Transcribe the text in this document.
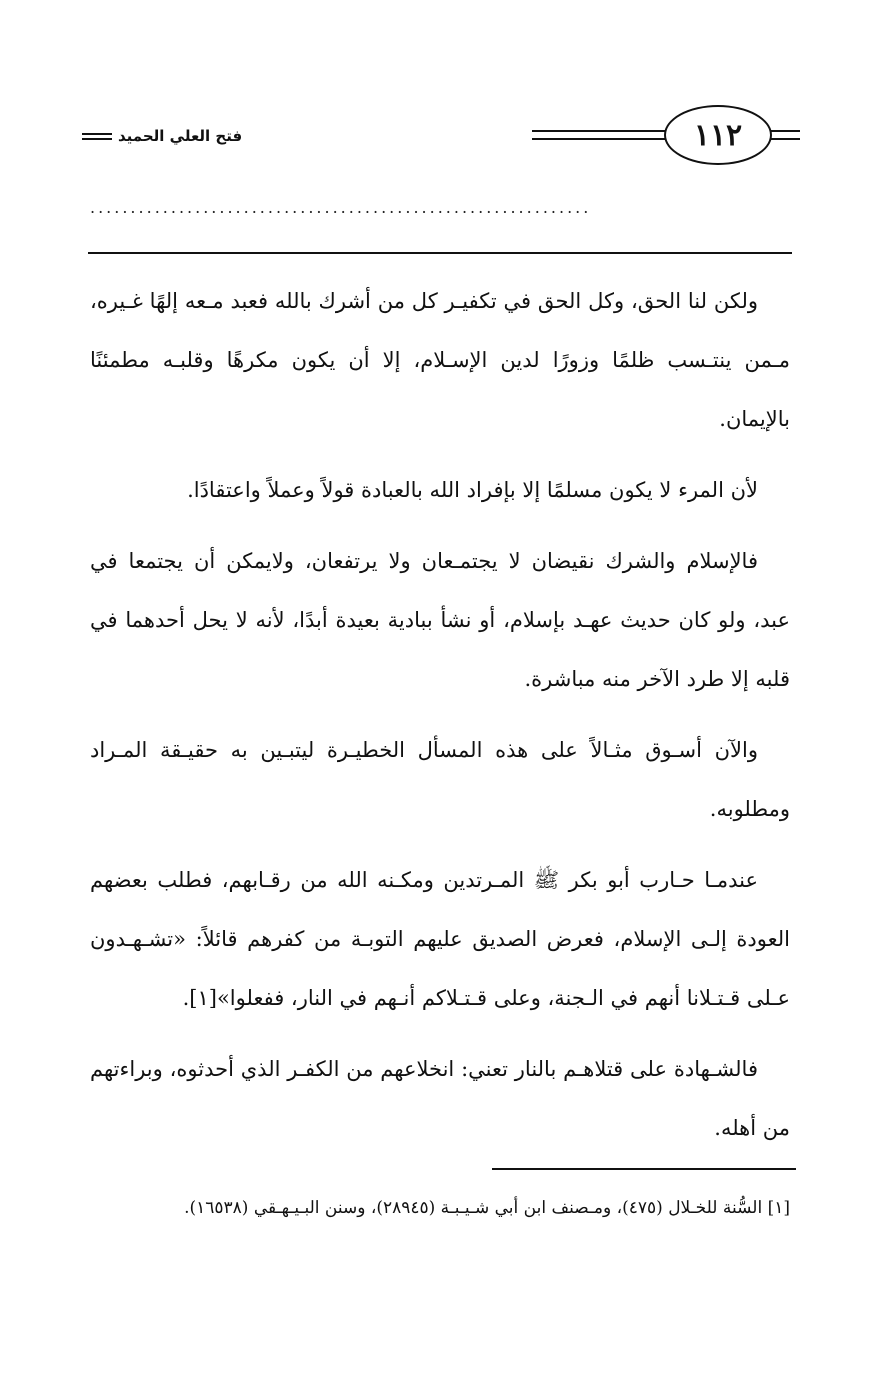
فتح العلي الحميد	١١٢
..............................................................

ولكن لنا الحق، وكل الحق في تكفيـر كل من أشرك بالله فعبد مـعه إلهًا غـيره، مـمن ينتـسب ظلمًا وزورًا لدين الإسـلام، إلا أن يكون مكرهًا وقلبـه مطمئنًا بالإيمان.

لأن المرء لا يكون مسلمًا إلا بإفراد الله بالعبادة قولاً وعملاً واعتقادًا.

فالإسلام والشرك نقيضان لا يجتمـعان ولا يرتفعان، ولايمكن أن يجتمعا في عبد، ولو كان حديث عهـد بإسلام، أو نشأ ببادية بعيدة أبدًا، لأنه لا يحل أحدهما في قلبه إلا طرد الآخر منه مباشرة.

والآن أسـوق مثـالاً على هذه المسأل الخطيـرة ليتبـين به حقيـقة المـراد ومطلوبه.

عندمـا حـارب أبو بكر ﷺ المـرتدين ومكـنه الله من رقـابهم، فطلب بعضهم العودة إلـى الإسلام، فعرض الصديق عليهم التوبـة من كفرهم قائلاً: «تشـهـدون عـلى قـتـلانا أنهم في الـجنة، وعلى قـتـلاكم أنـهم في النار، ففعلوا»[١].

فالشـهادة على قتلاهـم بالنار تعني: انخلاعهم من الكفـر الذي أحدثوه، وبراءتهم من أهله.

[١] السُّنة للخـلال (٤٧٥)، ومـصنف ابن أبي شـيـبـة (٢٨٩٤٥)، وسنن البـيـهـقي (١٦٥٣٨).
